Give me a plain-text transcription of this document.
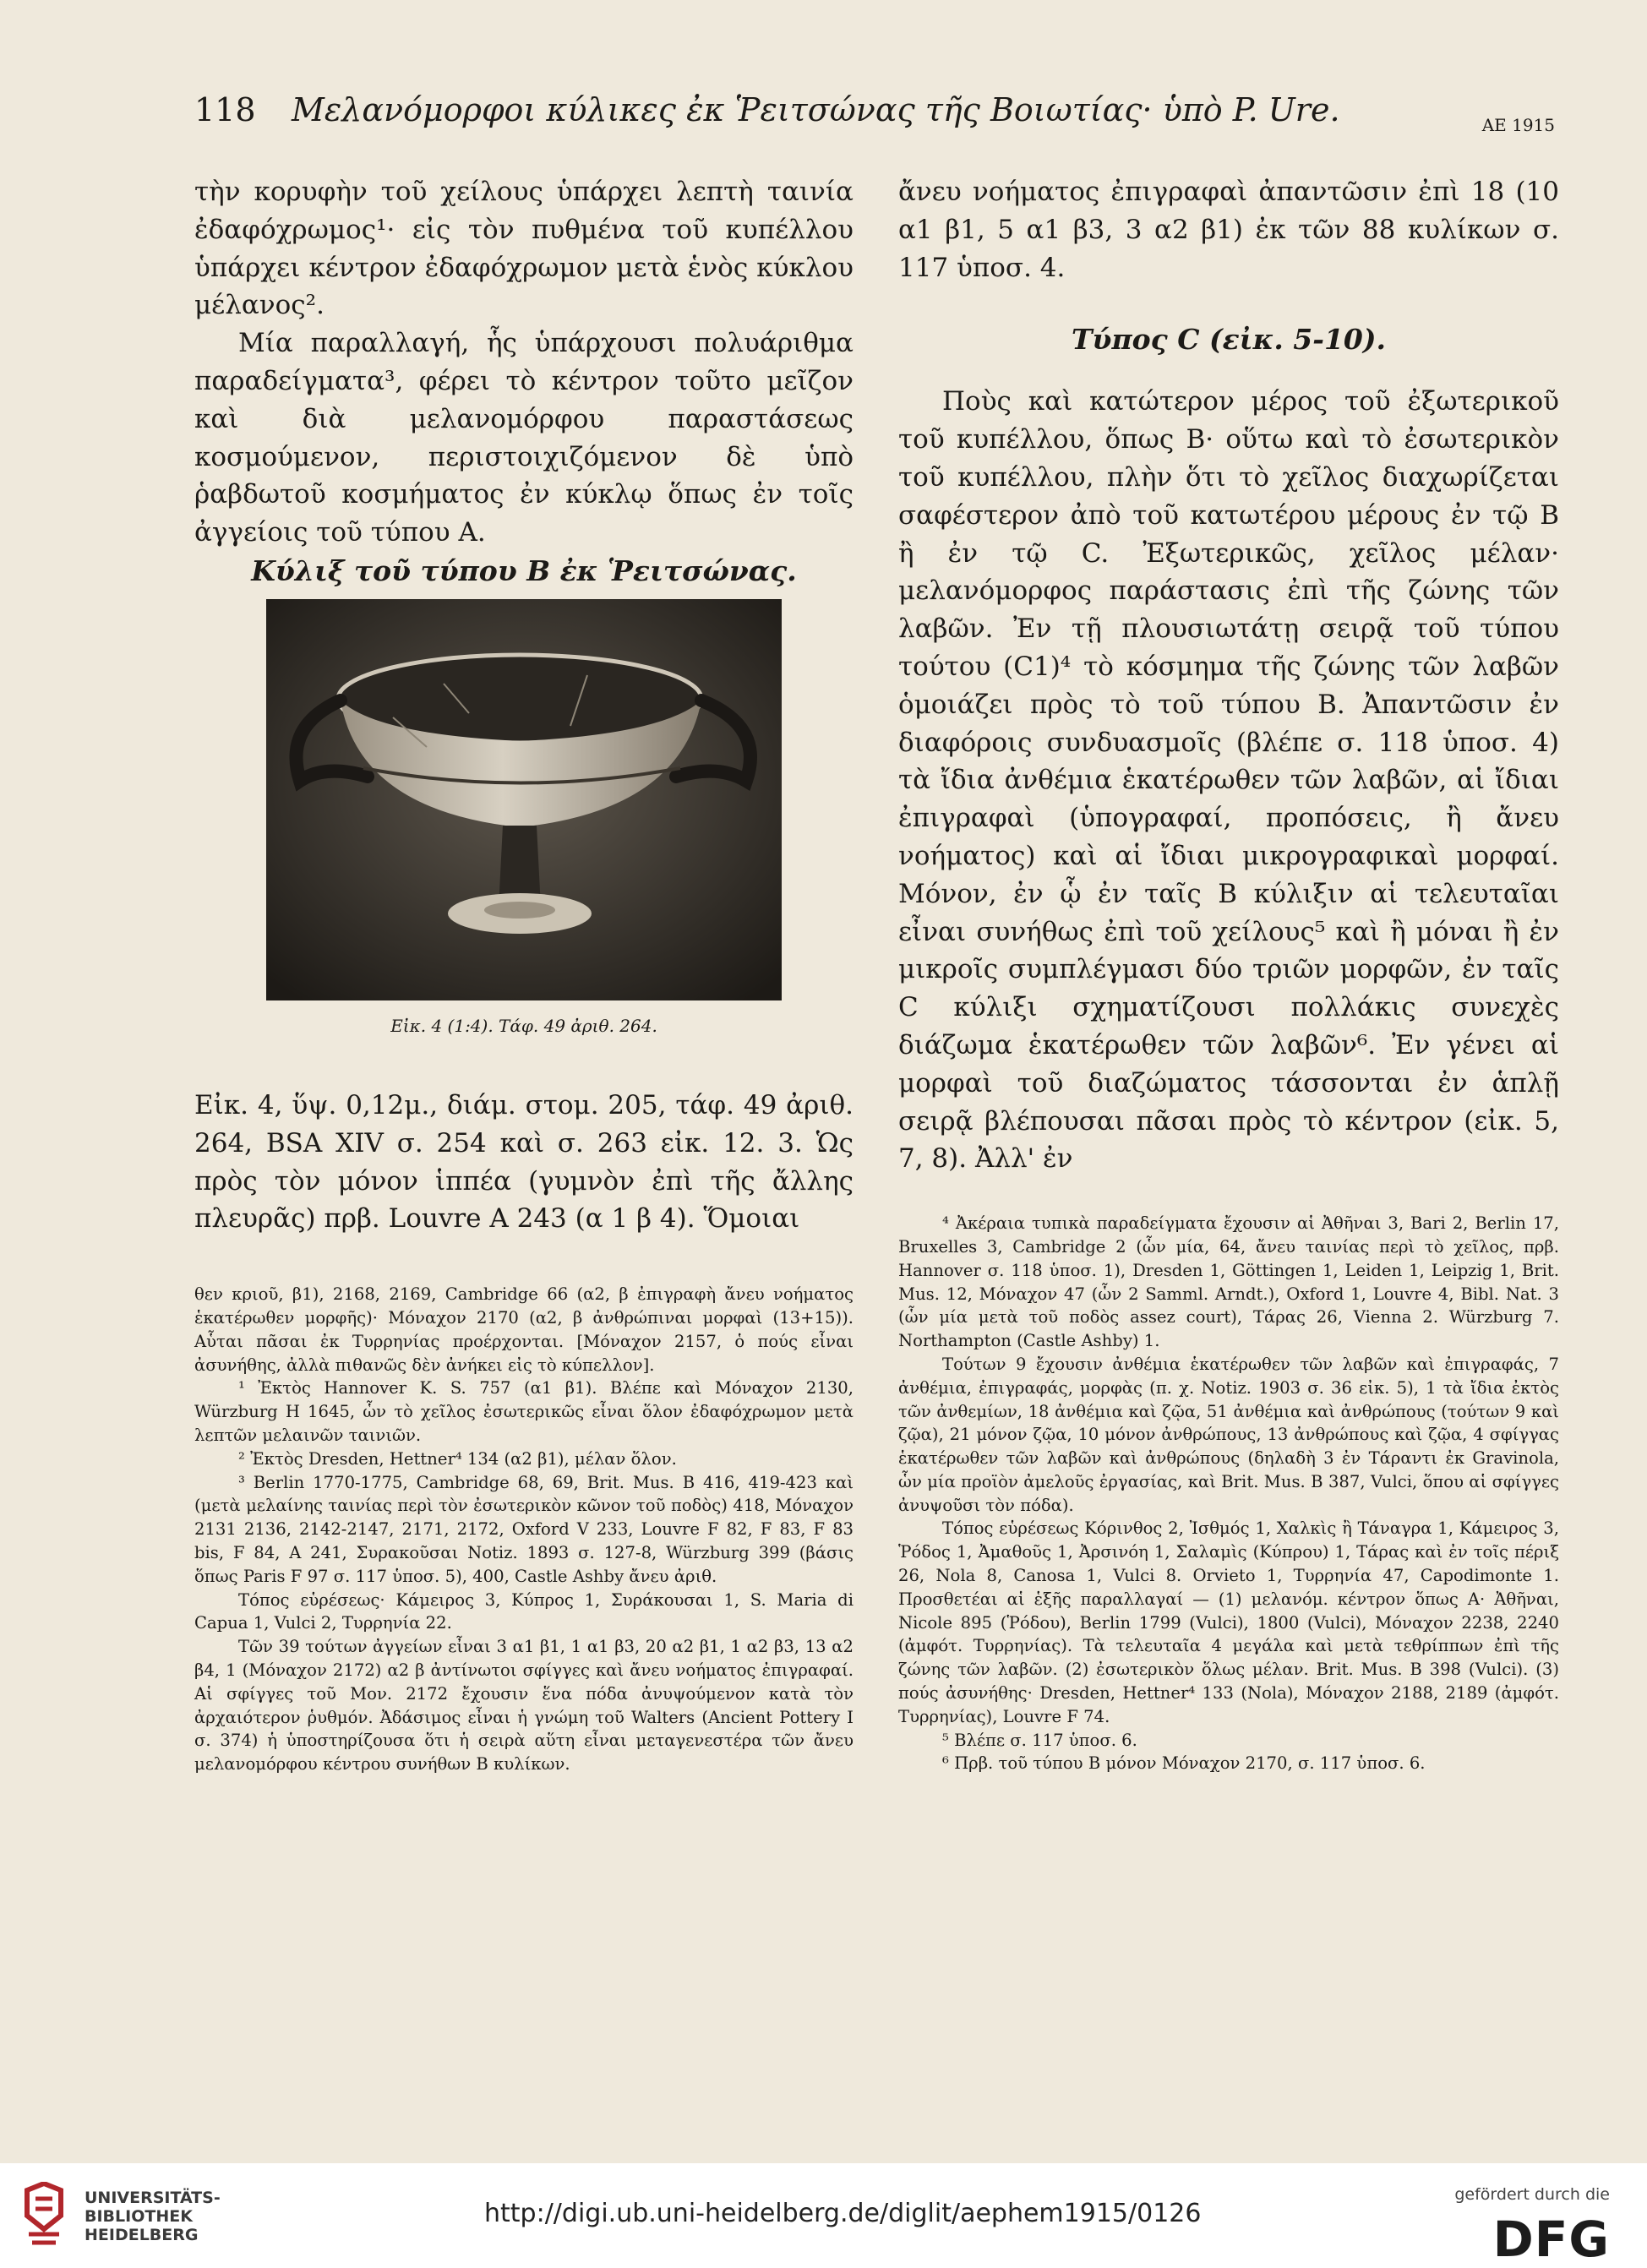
118 Μελανόμορφοι κύλικες ἐκ Ῥειτσώνας τῆς Βοιωτίας· ὑπὸ P. Ure.	ΑΕ 1915

τὴν κορυφὴν τοῦ χείλους ὑπάρχει λεπτὴ ταινία ἐδαφόχρωμος¹· εἰς τὸν πυθμένα τοῦ κυπέλλου ὑπάρχει κέντρον ἐδαφόχρωμον μετὰ ἑνὸς κύκλου μέλανος².

Μία παραλλαγή, ἧς ὑπάρχουσι πολυάριθμα παραδείγματα³, φέρει τὸ κέντρον τοῦτο μεῖζον καὶ διὰ μελανομόρφου παραστάσεως κοσμούμενον, περιστοιχιζόμενον δὲ ὑπὸ ῥαβδωτοῦ κοσμήματος ἐν κύκλῳ ὅπως ἐν τοῖς ἀγγείοις τοῦ τύπου Α.

Κύλιξ τοῦ τύπου Β ἐκ Ῥειτσώνας.

Εἰκ. 4 (1:4). Τάφ. 49 ἀριθ. 264.

Εἰκ. 4, ὕψ. 0,12μ., διάμ. στομ. 205, τάφ. 49 ἀριθ. 264, BSA XIV σ. 254 καὶ σ. 263 εἰκ. 12. 3. Ὡς πρὸς τὸν μόνον ἱππέα (γυμνὸν ἐπὶ τῆς ἄλλης πλευρᾶς) πρβ. Louvre A 243 (α 1 β 4). Ὅμοιαι

θεν κριοῦ, β1), 2168, 2169, Cambridge 66 (α2, β ἐπιγραφὴ ἄνευ νοήματος ἑκατέρωθεν μορφῆς)· Μόναχον 2170 (α2, β ἀνθρώπιναι μορφαὶ (13+15)). Αὗται πᾶσαι ἐκ Τυρρηνίας προέρχονται. [Μόναχον 2157, ὁ πούς εἶναι ἀσυνήθης, ἀλλὰ πιθανῶς δὲν ἀνήκει εἰς τὸ κύπελλον].

¹ Ἐκτὸς Hannover K. S. 757 (α1 β1). Βλέπε καὶ Μόναχον 2130, Würzburg H 1645, ὧν τὸ χεῖλος ἐσωτερικῶς εἶναι ὅλον ἐδαφόχρωμον μετὰ λεπτῶν μελαινῶν ταινιῶν.

² Ἐκτὸς Dresden, Hettner⁴ 134 (α2 β1), μέλαν ὅλον.

³ Berlin 1770-1775, Cambridge 68, 69, Brit. Mus. B 416, 419-423 καὶ (μετὰ μελαίνης ταινίας περὶ τὸν ἐσωτερικὸν κῶνον τοῦ ποδὸς) 418, Μόναχον 2131 2136, 2142-2147, 2171, 2172, Oxford V 233, Louvre F 82, F 83, F 83 bis, F 84, A 241, Συρακοῦσαι Notiz. 1893 σ. 127-8, Würzburg 399 (βάσις ὅπως Paris F 97 σ. 117 ὑποσ. 5), 400, Castle Ashby ἄνευ ἀριθ.

Τόπος εὑρέσεως· Κάμειρος 3, Κύπρος 1, Συράκουσαι 1, S. Maria di Capua 1, Vulci 2, Τυρρηνία 22.

Τῶν 39 τούτων ἀγγείων εἶναι 3 α1 β1, 1 α1 β3, 20 α2 β1, 1 α2 β3, 13 α2 β4, 1 (Μόναχον 2172) α2 β ἀντίνωτοι σφίγγες καὶ ἄνευ νοήματος ἐπιγραφαί. Αἱ σφίγγες τοῦ Μον. 2172 ἔχουσιν ἕνα πόδα ἀνυψούμενον κατὰ τὸν ἀρχαιότερον ῥυθμόν. Ἀδάσιμος εἶναι ἡ γνώμη τοῦ Walters (Ancient Pottery I σ. 374) ἡ ὑποστηρίζουσα ὅτι ἡ σειρὰ αὕτη εἶναι μεταγενεστέρα τῶν ἄνευ μελανομόρφου κέντρου συνήθων Β κυλίκων.

ἄνευ νοήματος ἐπιγραφαὶ ἀπαντῶσιν ἐπὶ 18 (10 α1 β1, 5 α1 β3, 3 α2 β1) ἐκ τῶν 88 κυλίκων σ. 117 ὑποσ. 4.

Τύπος C (εἰκ. 5-10).

Ποὺς καὶ κατώτερον μέρος τοῦ ἐξωτερικοῦ τοῦ κυπέλλου, ὅπως Β· οὕτω καὶ τὸ ἐσωτερικὸν τοῦ κυπέλλου, πλὴν ὅτι τὸ χεῖλος διαχωρίζεται σαφέστερον ἀπὸ τοῦ κατωτέρου μέρους ἐν τῷ Β ἢ ἐν τῷ C. Ἐξωτερικῶς, χεῖλος μέλαν· μελανόμορφος παράστασις ἐπὶ τῆς ζώνης τῶν λαβῶν. Ἐν τῇ πλουσιωτάτῃ σειρᾷ τοῦ τύπου τούτου (C1)⁴ τὸ κόσμημα τῆς ζώνης τῶν λαβῶν ὁμοιάζει πρὸς τὸ τοῦ τύπου Β. Ἀπαντῶσιν ἐν διαφόροις συνδυασμοῖς (βλέπε σ. 118 ὑποσ. 4) τὰ ἴδια ἀνθέμια ἑκατέρωθεν τῶν λαβῶν, αἱ ἴδιαι ἐπιγραφαὶ (ὑπογραφαί, προπόσεις, ἢ ἄνευ νοήματος) καὶ αἱ ἴδιαι μικρογραφικαὶ μορφαί. Μόνον, ἐν ᾧ ἐν ταῖς Β κύλιξιν αἱ τελευταῖαι εἶναι συνήθως ἐπὶ τοῦ χείλους⁵ καὶ ἢ μόναι ἢ ἐν μικροῖς συμπλέγμασι δύο τριῶν μορφῶν, ἐν ταῖς C κύλιξι σχηματίζουσι πολλάκις συνεχὲς διάζωμα ἑκατέρωθεν τῶν λαβῶν⁶. Ἐν γένει αἱ μορφαὶ τοῦ διαζώματος τάσσονται ἐν ἁπλῇ σειρᾷ βλέπουσαι πᾶσαι πρὸς τὸ κέντρον (εἰκ. 5, 7, 8). Ἀλλ' ἐν

⁴ Ἀκέραια τυπικὰ παραδείγματα ἔχουσιν αἱ Ἀθῆναι 3, Bari 2, Berlin 17, Bruxelles 3, Cambridge 2 (ὧν μία, 64, ἄνευ ταινίας περὶ τὸ χεῖλος, πρβ. Hannover σ. 118 ὑποσ. 1), Dresden 1, Göttingen 1, Leiden 1, Leipzig 1, Brit. Mus. 12, Μόναχον 47 (ὧν 2 Samml. Arndt.), Oxford 1, Louvre 4, Bibl. Nat. 3 (ὧν μία μετὰ τοῦ ποδὸς assez court), Τάρας 26, Vienna 2. Würzburg 7. Northampton (Castle Ashby) 1.

Τούτων 9 ἔχουσιν ἀνθέμια ἑκατέρωθεν τῶν λαβῶν καὶ ἐπιγραφάς, 7 ἀνθέμια, ἐπιγραφάς, μορφὰς (π. χ. Notiz. 1903 σ. 36 εἰκ. 5), 1 τὰ ἴδια ἐκτὸς τῶν ἀνθεμίων, 18 ἀνθέμια καὶ ζῷα, 51 ἀνθέμια καὶ ἀνθρώπους (τούτων 9 καὶ ζῷα), 21 μόνον ζῷα, 10 μόνον ἀνθρώπους, 13 ἀνθρώπους καὶ ζῷα, 4 σφίγγας ἑκατέρωθεν τῶν λαβῶν καὶ ἀνθρώπους (δηλαδὴ 3 ἐν Τάραντι ἐκ Gravinola, ὧν μία προϊὸν ἀμελοῦς ἐργασίας, καὶ Brit. Mus. B 387, Vulci, ὅπου αἱ σφίγγες ἀνυψοῦσι τὸν πόδα).

Τόπος εὑρέσεως Κόρινθος 2, Ἰσθμός 1, Χαλκὶς ἢ Τάναγρα 1, Κάμειρος 3, Ῥόδος 1, Ἀμαθοῦς 1, Ἀρσινόη 1, Σαλαμὶς (Κύπρου) 1, Τάρας καὶ ἐν τοῖς πέριξ 26, Nola 8, Canosa 1, Vulci 8. Orvieto 1, Τυρρηνία 47, Capodimonte 1. Προσθετέαι αἱ ἑξῆς παραλλαγαί — (1) μελανόμ. κέντρον ὅπως Α· Ἀθῆναι, Nicole 895 (Ῥόδου), Berlin 1799 (Vulci), 1800 (Vulci), Μόναχον 2238, 2240 (ἀμφότ. Τυρρηνίας). Τὰ τελευταῖα 4 μεγάλα καὶ μετὰ τεθρίππων ἐπὶ τῆς ζώνης τῶν λαβῶν. (2) ἐσωτερικὸν ὅλως μέλαν. Brit. Mus. B 398 (Vulci). (3) πούς ἀσυνήθης· Dresden, Hettner⁴ 133 (Nola), Μόναχον 2188, 2189 (ἀμφότ. Τυρρηνίας), Louvre F 74.

⁵ Βλέπε σ. 117 ὑποσ. 6.

⁶ Πρβ. τοῦ τύπου Β μόνον Μόναχον 2170, σ. 117 ὑποσ. 6.

UNIVERSITÄTS-
BIBLIOTHEK
HEIDELBERG
http://digi.ub.uni-heidelberg.de/diglit/aephem1915/0126
gefördert durch die
DFG
